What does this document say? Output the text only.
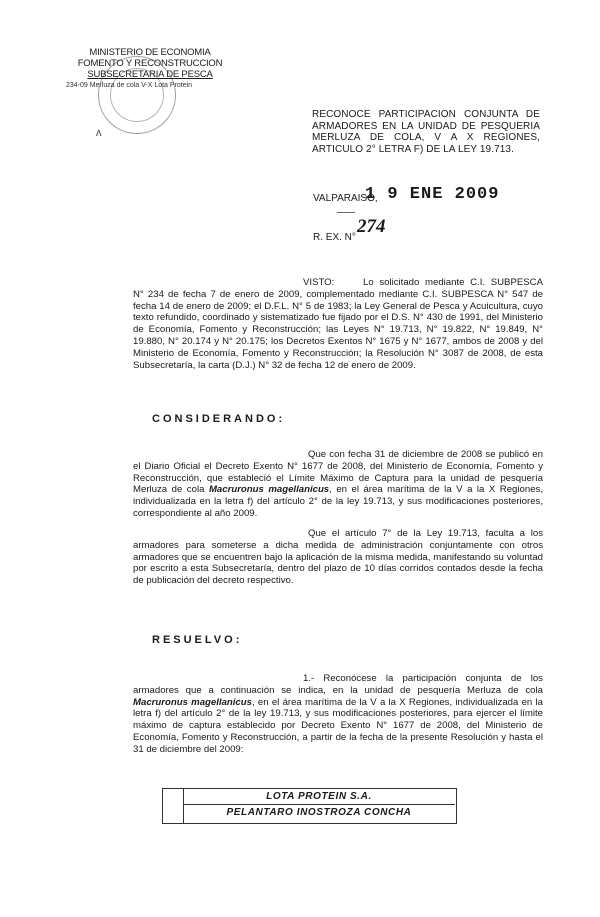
ᴧ
MINISTERIO DE ECONOMIA
FOMENTO Y RECONSTRUCCION
SUBSECRETARIA DE PESCA
234-09 Merluza de cola V-X Lota Protein
RECONOCE PARTICIPACION CONJUNTA DE ARMADORES EN LA UNIDAD DE PESQUERIA MERLUZA DE COLA, V A X REGIONES, ARTICULO 2° LETRA F) DE LA LEY 19.713.
VALPARAISO,
1 9 ENE 2009
R. EX. N°
274
VISTO:	Lo solicitado mediante C.I. SUBPESCA N° 234 de fecha 7 de enero de 2009, complementado mediante C.I. SUBPESCA N° 547 de fecha 14 de enero de 2009; el D.F.L. N° 5 de 1983; la Ley General de Pesca y Acuicultura, cuyo texto refundido, coordinado y sistematizado fue fijado por el D.S. N° 430 de 1991, del Ministerio de Economía, Fomento y Reconstrucción; las Leyes N° 19.713, N° 19.822, N° 19.849, N° 19.880, N° 20.174 y N° 20.175; los Decretos Exentos N° 1675 y N° 1677, ambos de 2008 y del Ministerio de Economía, Fomento y Reconstrucción; la Resolución N° 3087 de 2008, de esta Subsecretaría, la carta (D.J.) N° 32 de fecha 12 de enero de 2009.
CONSIDERANDO:
Que con fecha 31 de diciembre de 2008 se publicó en el Diario Oficial el Decreto Exento N° 1677 de 2008, del Ministerio de Economía, Fomento y Reconstrucción, que estableció el Límite Máximo de Captura para la unidad de pesquería Merluza de cola Macruronus magellanicus, en el área marítima de la V a la X Regiones, individualizada en la letra f) del artículo 2° de la ley 19.713, y sus modificaciones posteriores, correspondiente al año 2009.
Que el artículo 7° de la Ley 19.713, faculta a los armadores para someterse a dicha medida de administración conjuntamente con otros armadores que se encuentren bajo la aplicación de la misma medida, manifestando su voluntad por escrito a esta Subsecretaría, dentro del plazo de 10 días corridos contados desde la fecha de publicación del decreto respectivo.
RESUELVO:
1.- Reconócese la participación conjunta de los armadores que a continuación se indica, en la unidad de pesquería Merluza de cola Macruronus magellanicus, en el área marítima de la V a la X Regiones, individualizada en la letra f) del artículo 2° de la ley 19.713, y sus modificaciones posteriores, para ejercer el límite máximo de captura establecido por Decreto Exento N° 1677 de 2008, del Ministerio de Economía, Fomento y Reconstrucción, a partir de la fecha de la presente Resolución y hasta el 31 de diciembre del 2009:
LOTA PROTEIN S.A.
PELANTARO INOSTROZA CONCHA
